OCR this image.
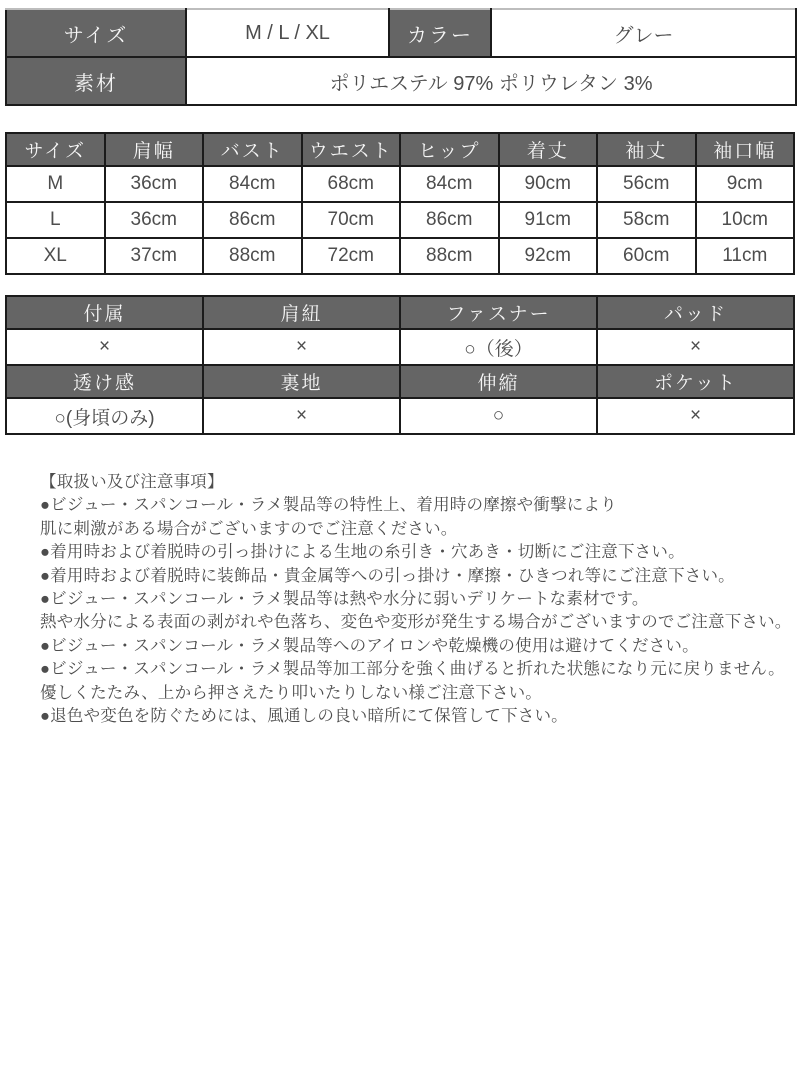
サイズ	M / L / XL	カラー	グレー
素材	ポリエステル 97% ポリウレタン 3%		
サイズ	肩幅	バスト	ウエスト	ヒップ	着丈	袖丈	袖口幅
M	36cm	84cm	68cm	84cm	90cm	56cm	9cm
L	36cm	86cm	70cm	86cm	91cm	58cm	10cm
XL	37cm	88cm	72cm	88cm	92cm	60cm	11cm
付属	肩紐	ファスナー	パッド
×	×	○（後）	×
透け感	裏地	伸縮	ポケット
○(身頃のみ)	×	○	×
【取扱い及び注意事項】
●ビジュー・スパンコール・ラメ製品等の特性上、着用時の摩擦や衝撃により
肌に刺激がある場合がございますのでご注意ください。
●着用時および着脱時の引っ掛けによる生地の糸引き・穴あき・切断にご注意下さい。
●着用時および着脱時に装飾品・貴金属等への引っ掛け・摩擦・ひきつれ等にご注意下さい。
●ビジュー・スパンコール・ラメ製品等は熱や水分に弱いデリケートな素材です。
熱や水分による表面の剥がれや色落ち、変色や変形が発生する場合がございますのでご注意下さい。
●ビジュー・スパンコール・ラメ製品等へのアイロンや乾燥機の使用は避けてください。
●ビジュー・スパンコール・ラメ製品等加工部分を強く曲げると折れた状態になり元に戻りません。
優しくたたみ、上から押さえたり叩いたりしない様ご注意下さい。
●退色や変色を防ぐためには、風通しの良い暗所にて保管して下さい。
